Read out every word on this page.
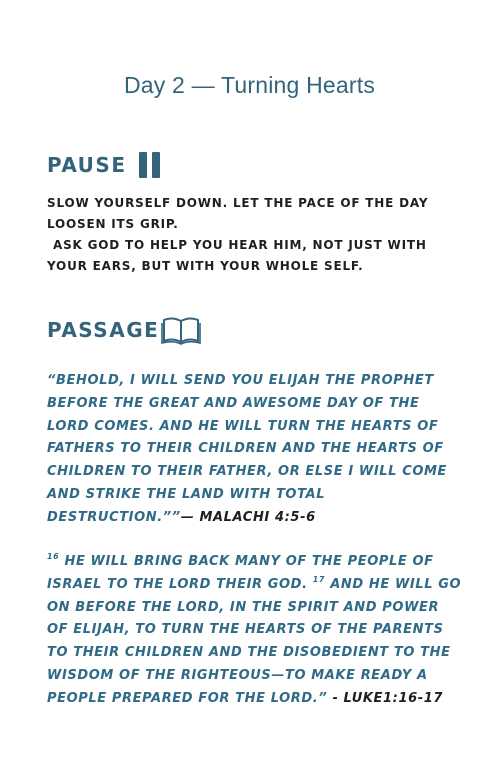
Day 2 — Turning Hearts
PAUSE
SLOW YOURSELF DOWN. LET THE PACE OF THE DAY
LOOSEN ITS GRIP.
ASK GOD TO HELP YOU HEAR HIM, NOT JUST WITH
YOUR EARS, BUT WITH YOUR WHOLE SELF.
PASSAGE
“BEHOLD, I WILL SEND YOU ELIJAH THE PROPHET
BEFORE THE GREAT AND AWESOME DAY OF THE
LORD COMES. AND HE WILL TURN THE HEARTS OF
FATHERS TO THEIR CHILDREN AND THE HEARTS OF
CHILDREN TO THEIR FATHER, OR ELSE I WILL COME
AND STRIKE THE LAND WITH TOTAL
DESTRUCTION.””— MALACHI 4:5-6
$^{16}$ HE WILL BRING BACK MANY OF THE PEOPLE OF
ISRAEL TO THE LORD THEIR GOD. $^{17}$ AND HE WILL GO
ON BEFORE THE LORD, IN THE SPIRIT AND POWER
OF ELIJAH, TO TURN THE HEARTS OF THE PARENTS
TO THEIR CHILDREN AND THE DISOBEDIENT TO THE
WISDOM OF THE RIGHTEOUS—TO MAKE READY A
PEOPLE PREPARED FOR THE LORD.” - LUKE1:16-17
